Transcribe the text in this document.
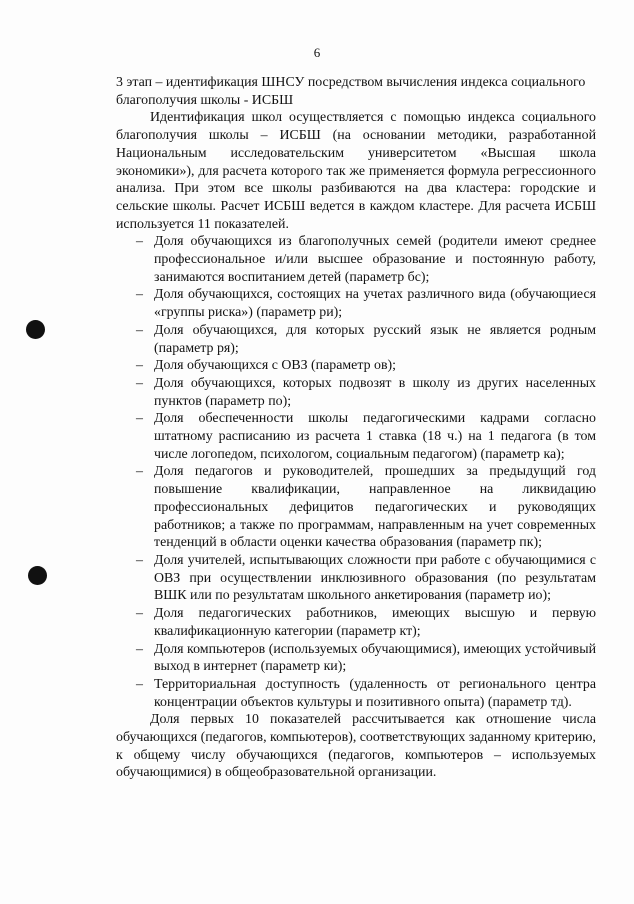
6

3 этап – идентификация ШНСУ посредством вычисления индекса социального благополучия школы - ИСБШ

Идентификация школ осуществляется с помощью индекса социального благополучия школы – ИСБШ (на основании методики, разработанной Национальным исследовательским университетом «Высшая школа экономики»), для расчета которого так же применяется формула регрессионного анализа. При этом все школы разбиваются на два кластера: городские и сельские школы. Расчет ИСБШ ведется в каждом кластере. Для расчета ИСБШ используется 11 показателей.

– Доля обучающихся из благополучных семей (родители имеют среднее профессиональное и/или высшее образование и постоянную работу, занимаются воспитанием детей (параметр бс);
– Доля обучающихся, состоящих на учетах различного вида (обучающиеся «группы риска») (параметр ри);
– Доля обучающихся, для которых русский язык не является родным (параметр ря);
– Доля обучающихся с ОВЗ (параметр ов);
– Доля обучающихся, которых подвозят в школу из других населенных пунктов (параметр по);
– Доля обеспеченности школы педагогическими кадрами согласно штатному расписанию из расчета 1 ставка (18 ч.) на 1 педагога (в том числе логопедом, психологом, социальным педагогом) (параметр ка);
– Доля педагогов и руководителей, прошедших за предыдущий год повышение квалификации, направленное на ликвидацию профессиональных дефицитов педагогических и руководящих работников; а также по программам, направленным на учет современных тенденций в области оценки качества образования (параметр пк);
– Доля учителей, испытывающих сложности при работе с обучающимися с ОВЗ при осуществлении инклюзивного образования (по результатам ВШК или по результатам школьного анкетирования (параметр ио);
– Доля педагогических работников, имеющих высшую и первую квалификационную категории (параметр кт);
– Доля компьютеров (используемых обучающимися), имеющих устойчивый выход в интернет (параметр ки);
– Территориальная доступность (удаленность от регионального центра концентрации объектов культуры и позитивного опыта) (параметр тд).

Доля первых 10 показателей рассчитывается как отношение числа обучающихся (педагогов, компьютеров), соответствующих заданному критерию, к общему числу обучающихся (педагогов, компьютеров – используемых обучающимися) в общеобразовательной организации.
